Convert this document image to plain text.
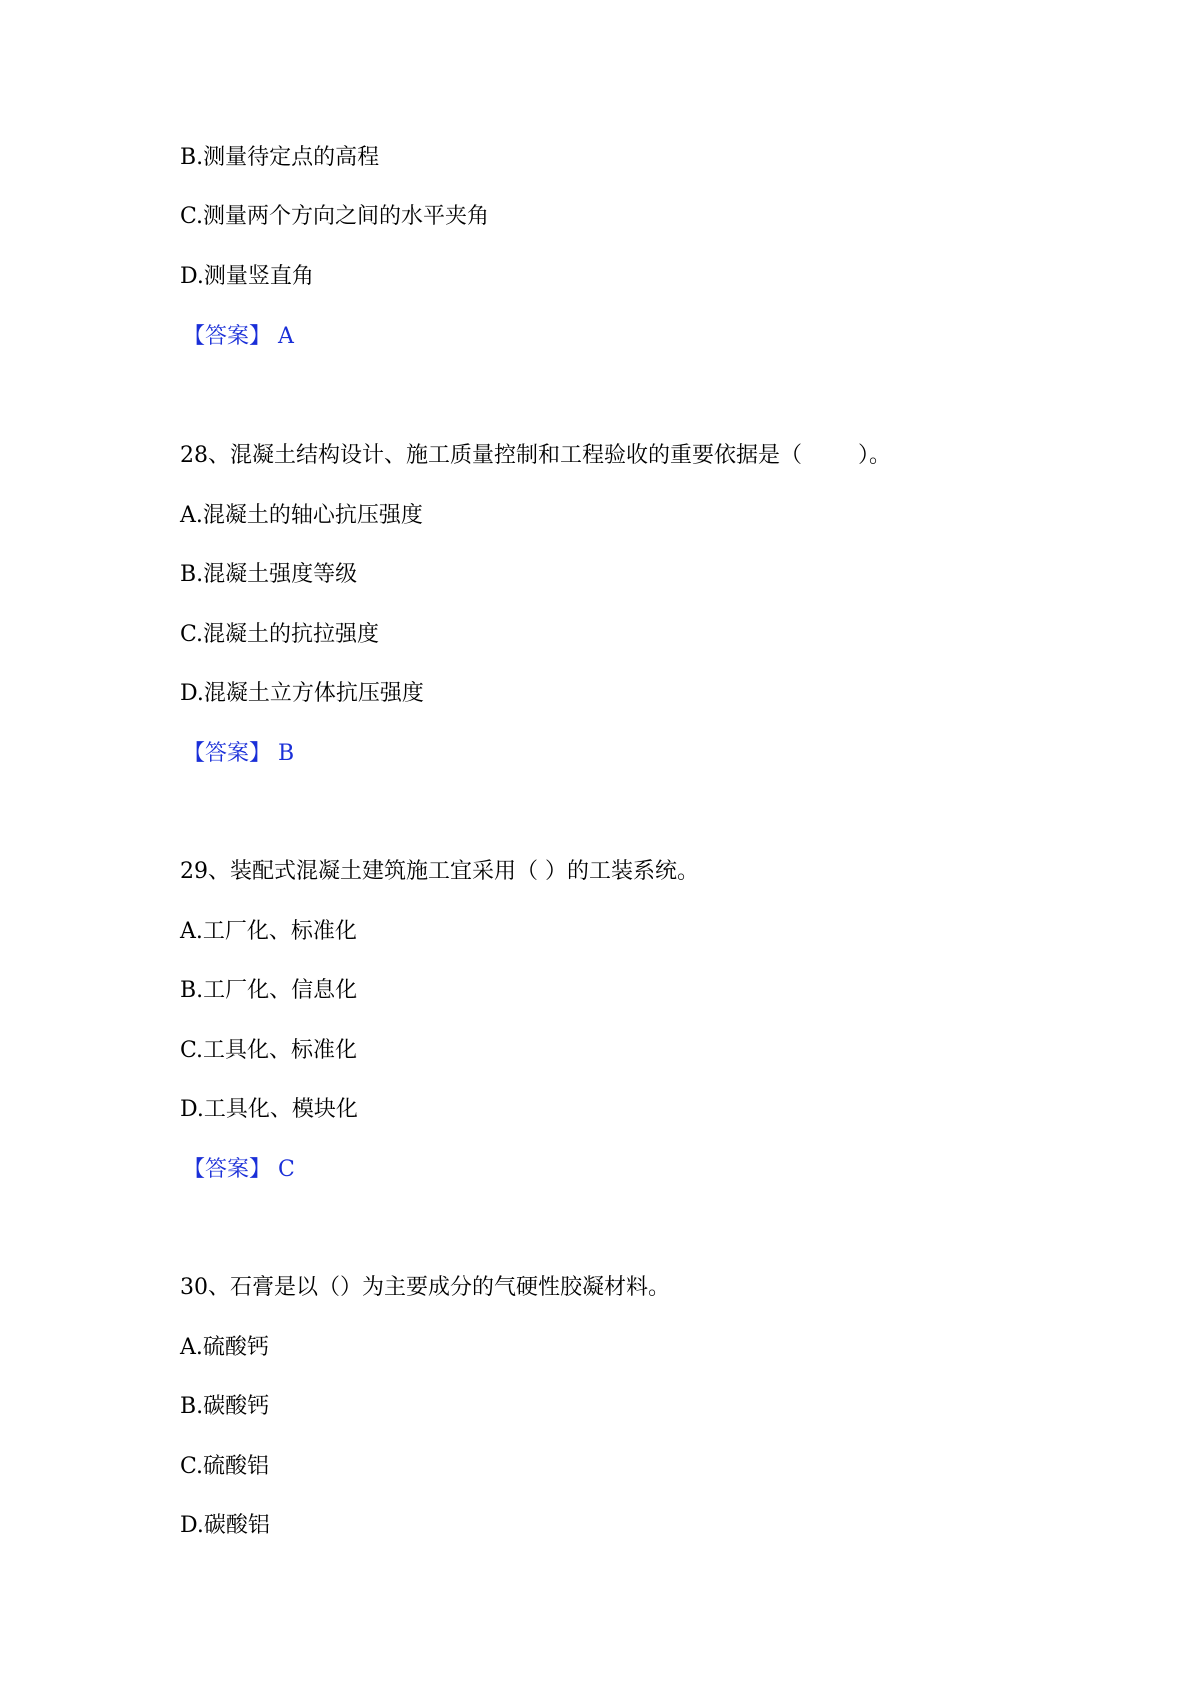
B.测量待定点的高程
C.测量两个方向之间的水平夹角
D.测量竖直角
【答案】 A
28、混凝土结构设计、施工质量控制和工程验收的重要依据是（        ）。
A.混凝土的轴心抗压强度
B.混凝土强度等级
C.混凝土的抗拉强度
D.混凝土立方体抗压强度
【答案】 B
29、装配式混凝土建筑施工宜采用（ ）的工装系统。
A.工厂化、标准化
B.工厂化、信息化
C.工具化、标准化
D.工具化、模块化
【答案】 C
30、石膏是以（）为主要成分的气硬性胶凝材料。
A.硫酸钙
B.碳酸钙
C.硫酸铝
D.碳酸铝
